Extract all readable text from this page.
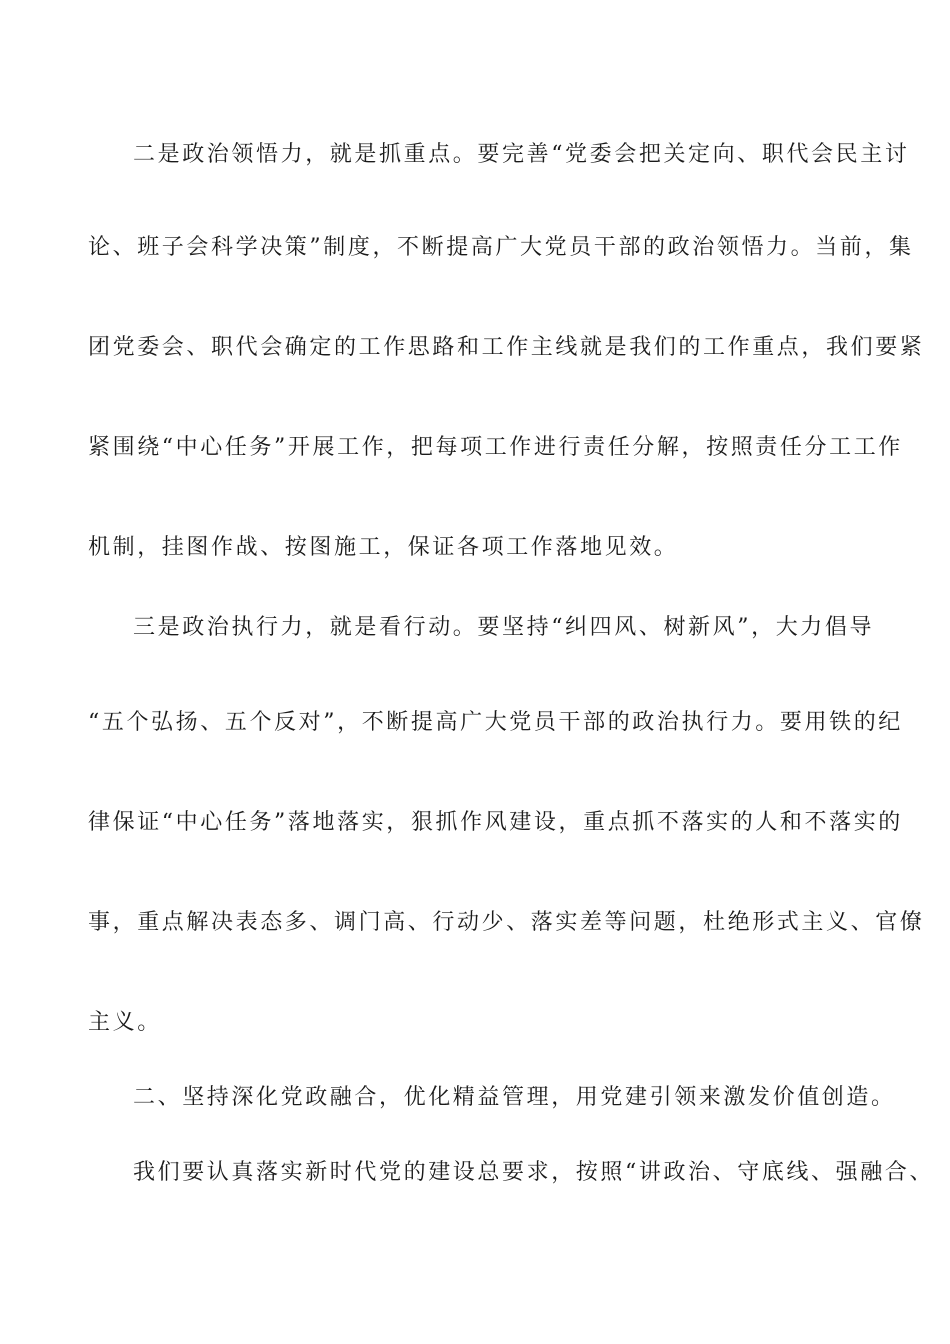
二是政治领悟力，就是抓重点。要完善“党委会把关定向、职代会民主讨
论、班子会科学决策”制度，不断提高广大党员干部的政治领悟力。当前，集
团党委会、职代会确定的工作思路和工作主线就是我们的工作重点，我们要紧
紧围绕“中心任务”开展工作，把每项工作进行责任分解，按照责任分工工作
机制，挂图作战、按图施工，保证各项工作落地见效。
三是政治执行力，就是看行动。要坚持“纠四风、树新风”，大力倡导
“五个弘扬、五个反对”，不断提高广大党员干部的政治执行力。要用铁的纪
律保证“中心任务”落地落实，狠抓作风建设，重点抓不落实的人和不落实的
事，重点解决表态多、调门高、行动少、落实差等问题，杜绝形式主义、官僚
主义。
二、坚持深化党政融合，优化精益管理，用党建引领来激发价值创造。
我们要认真落实新时代党的建设总要求，按照“讲政治、守底线、强融合、
